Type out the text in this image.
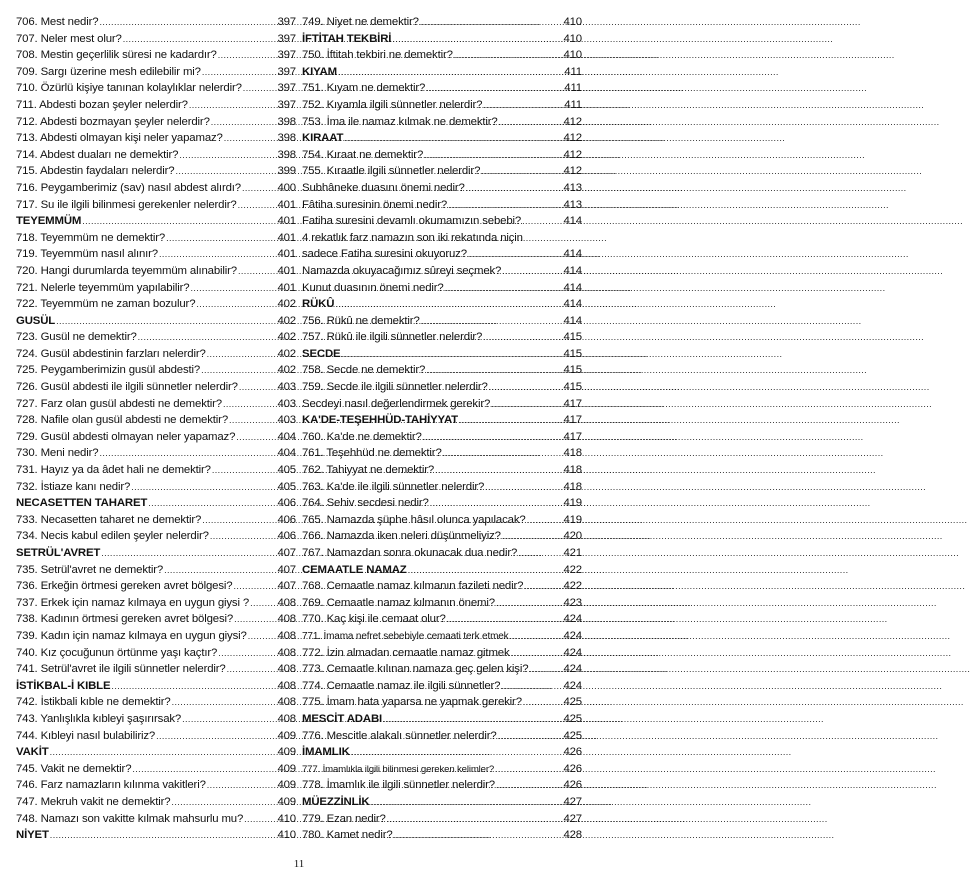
706. Mest nedir? .....	397
707. Neler mest olur? .....	397
708. Mestin geçerlilik süresi ne kadardır? .....	397
709. Sargı üzerine mesh edilebilir mi? .....	397
710. Özürlü kişiye tanınan kolaylıklar nelerdir? .....	397
711. Abdesti bozan şeyler nelerdir? .....	397
712. Abdesti bozmayan şeyler nelerdir? .....	398
713. Abdesti olmayan kişi neler yapamaz? .....	398
714. Abdest duaları ne demektir? .....	398
715. Abdestin faydaları nelerdir? .....	399
716. Peygamberimiz (sav) nasıl abdest alırdı? .....	400
717. Su ile ilgili bilinmesi gerekenler nelerdir? .....	401
TEYEMMÜM .....	401
718. Teyemmüm ne demektir? .....	401
719. Teyemmüm nasıl alınır? .....	401
720. Hangi durumlarda teyemmüm alınabilir? .....	401
721. Nelerle teyemmüm yapılabilir? .....	401
722. Teyemmüm ne zaman bozulur? .....	402
GUSÜL .....	402
723. Gusül ne demektir? .....	402
724. Gusül abdestinin farzları nelerdir? .....	402
725. Peygamberimizin gusül abdesti? .....	402
726. Gusül abdesti ile ilgili sünnetler nelerdir? .....	403
727. Farz olan gusül abdesti ne demektir? .....	403
728. Nafile olan gusül abdesti ne demektir? .....	403
729. Gusül abdesti olmayan neler yapamaz? .....	404
730. Meni nedir? .....	404
731. Hayız ya da âdet hali ne demektir? .....	405
732. İstiaze kanı nedir? .....	405
NECASETTEN TAHARET .....	406
733. Necasetten taharet ne demektir? .....	406
734. Necis kabul edilen şeyler nelerdir? .....	406
SETRÜL'AVRET .....	407
735. Setrül'avret ne demektir? .....	407
736. Erkeğin örtmesi gereken avret bölgesi? .....	407
737. Erkek için namaz kılmaya en uygun giysi ? ..... 408
738. Kadının örtmesi gereken avret bölgesi? .....	408
739. Kadın için namaz kılmaya en uygun giysi? .....	408
740. Kız çocuğunun örtünme yaşı kaçtır? .....	408
741. Setrül'avret ile ilgili sünnetler nelerdir? .....	408
İSTİKBAL-İ KIBLE .....	408
742. İstikbali kıble ne demektir? .....	408
743. Yanlışlıkla kıbleyi şaşırırsak? .....	408
744. Kıbleyi nasıl bulabiliriz? .....	409
VAKİT .....	409
745. Vakit ne demektir? .....	409
746. Farz namazların kılınma vakitleri? .....	409
747. Mekruh vakit ne demektir? .....	409
748. Namazı son vakitte kılmak mahsurlu mu? .....	410
NİYET .....	410
749. Niyet ne demektir? .....	410
İFTİTAH TEKBİRİ .....	410
750. İftitah tekbiri ne demektir? .....	410
KIYAM .....	411
751. Kıyam ne demektir? .....	411
752. Kıyamla ilgili sünnetler nelerdir? .....	411
753. İma ile namaz kılmak ne demektir? .....	412
KIRAAT .....	412
754. Kıraat ne demektir? .....	412
755. Kıraatle ilgili sünnetler nelerdir? .....	412
Subhâneke duasını önemi nedir? .....	413
Fâtiha suresinin önemi nedir? .....	413
Fatiha suresini devamlı okumamızın sebebi? .....	414
4 rekatlık farz namazın son iki rekatında niçin
sadece Fatiha suresini okuyoruz? .....	414
Namazda okuyacağımız sûreyi seçmek? .....	414
Kunut duasının önemi nedir? .....	414
RÜKÛ .....	414
756. Rükû ne demektir? .....	414
757. Rükû ile ilgili sünnetler nelerdir? .....	415
SECDE .....	415
758. Secde ne demektir? .....	415
759. Secde ile ilgili sünnetler nelerdir? .....	415
Secdeyi nasıl değerlendirmek gerekir? .....	417
KA'DE-TEŞEHHÜD-TAHİYYAT .....	417
760. Ka'de ne demektir? .....	417
761. Teşehhüd ne demektir? .....	418
762. Tahiyyat ne demektir? .....	418
763. Ka'de ile ilgili sünnetler nelerdir? .....	418
764. Sehiv secdesi nedir? .....	419
765. Namazda şüphe hâsıl olunca yapılacak? .....	419
766. Namazda iken neleri düşünmeliyiz? .....	420
767. Namazdan sonra okunacak dua nedir? .....	421
CEMAATLE NAMAZ .....	422
768. Cemaatle namaz kılmanın fazileti nedir? .....	422
769. Cemaatle namaz kılmanın önemi? .....	423
770. Kaç kişi ile cemaat olur? .....	424
771. İmama nefret sebebiyle cemaati terk etmek .....	424
772. İzin almadan cemaatle namaz gitmek .....	424
773. Cemaatle kılınan namaza geç gelen kişi? .....	424
774. Cemaatle namaz ile ilgili sünnetler? .....	424
775. İmam hata yaparsa ne yapmak gerekir? .....	425
MESCİT ADABI .....	425
776. Mescitle alakalı sünnetler nelerdir? .....	425
İMAMLIK .....	426
777. İmamlıkla ilgili bilinmesi gereken kelimler? .....	426
778. İmamlık ile ilgili sünnetler nelerdir? .....	426
MÜEZZİNLİK .....	427
779. Ezan nedir? .....	427
780. Kamet nedir? .....	428
11
